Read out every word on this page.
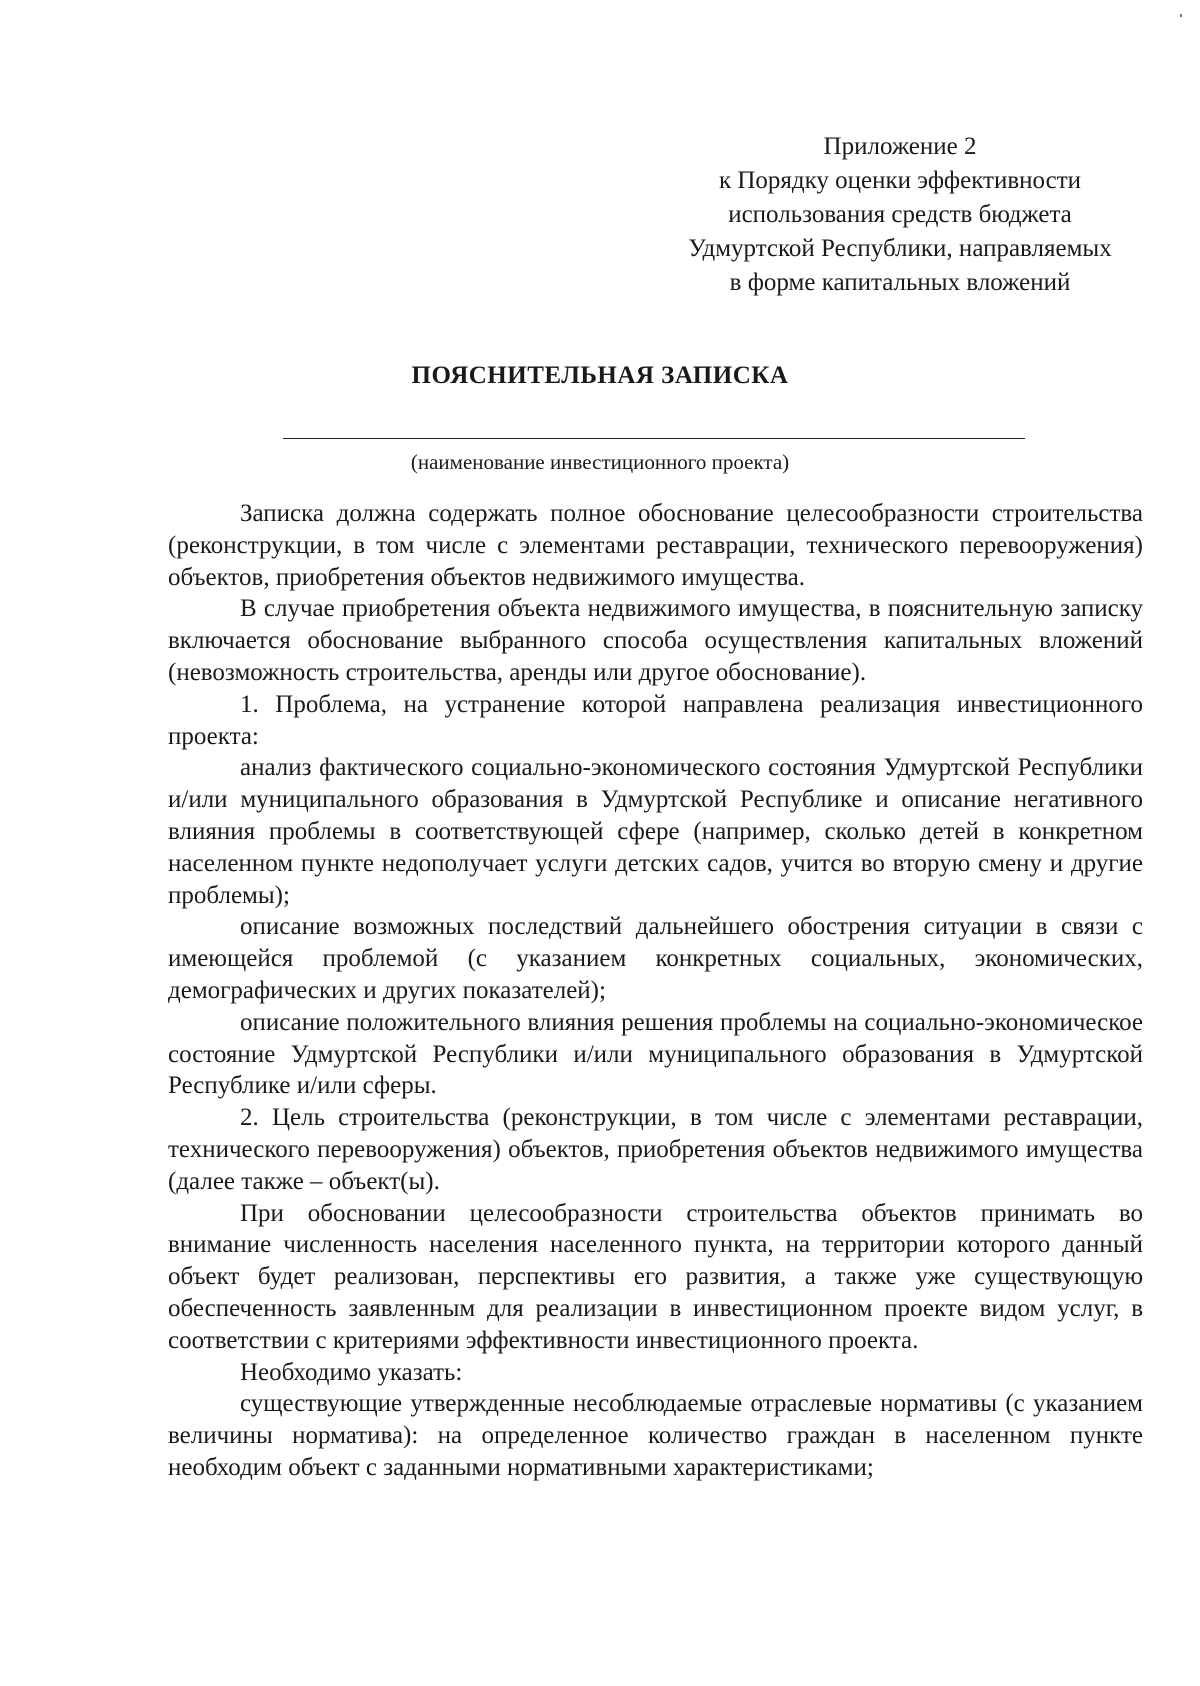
Приложение 2
к Порядку оценки эффективности
использования средств бюджета
Удмуртской Республики, направляемых
в форме капитальных вложений
ПОЯСНИТЕЛЬНАЯ ЗАПИСКА
(наименование инвестиционного проекта)

Записка должна содержать полное обоснование целесообразности строительства (реконструкции, в том числе с элементами реставрации, технического перевооружения) объектов, приобретения объектов недвижимого имущества.

В случае приобретения объекта недвижимого имущества, в пояснительную записку включается обоснование выбранного способа осуществления капитальных вложений (невозможность строительства, аренды или другое обоснование).

1. Проблема, на устранение которой направлена реализация инвестиционного проекта:

анализ фактического социально-экономического состояния Удмуртской Республики и/или муниципального образования в Удмуртской Республике и описание негативного влияния проблемы в соответствующей сфере (например, сколько детей в конкретном населенном пункте недополучает услуги детских садов, учится во вторую смену и другие проблемы);

описание возможных последствий дальнейшего обострения ситуации в связи с имеющейся проблемой (с указанием конкретных социальных, экономических, демографических и других показателей);

описание положительного влияния решения проблемы на социально-экономическое состояние Удмуртской Республики и/или муниципального образования в Удмуртской Республике и/или сферы.

2. Цель строительства (реконструкции, в том числе с элементами реставрации, технического перевооружения) объектов, приобретения объектов недвижимого имущества (далее также – объект(ы).

При обосновании целесообразности строительства объектов принимать во внимание численность населения населенного пункта, на территории которого данный объект будет реализован, перспективы его развития, а также уже существующую обеспеченность заявленным для реализации в инвестиционном проекте видом услуг, в соответствии с критериями эффективности инвестиционного проекта.

Необходимо указать:

существующие утвержденные несоблюдаемые отраслевые нормативы (с указанием величины норматива): на определенное количество граждан в населенном пункте необходим объект с заданными нормативными характеристиками;
